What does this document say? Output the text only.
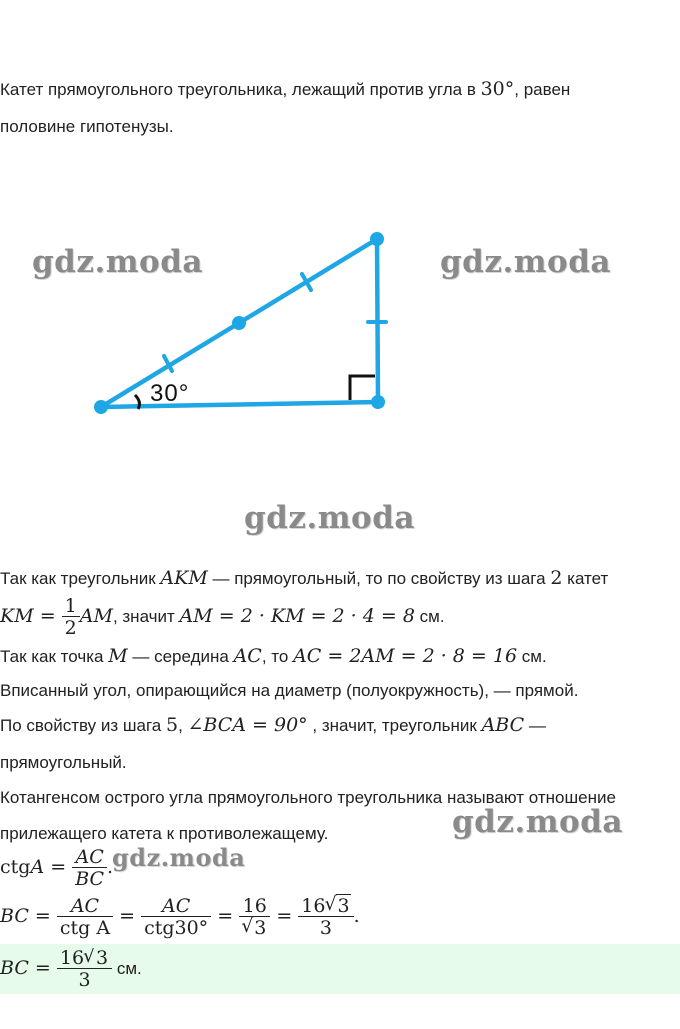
Катет прямоугольного треугольника, лежащий против угла в 30°, равен
половине гипотенузы.
30°
gdz.moda	gdz.moda
gdz.moda
gdz.moda
gdz.moda
Так как треугольник AKM — прямоугольный, то по свойству из шага 2 катет
KM = $\frac{1}{2}$ AM, значит AM = 2 · KM = 2 · 4 = 8 см.
Так как точка M — середина AC, то AC = 2AM = 2 · 8 = 16 см.
Вписанный угол, опирающийся на диаметр (полуокружность), — прямой.
По свойству из шага 5, ∠BCA = 90° , значит, треугольник ABC —
прямоугольный.
Котангенсом острого угла прямоугольного треугольника называют отношение
прилежащего катета к противолежащему.
ctgA = $\frac{AC}{BC}$ .
BC = $\frac{AC}{\text{ctg A}} = \frac{AC}{\text{ctg30°}} = 16$
√ $3 = \frac{16 √ 3}{3}$ .
BC = $\frac{16 √ 3}{3}$ см.
